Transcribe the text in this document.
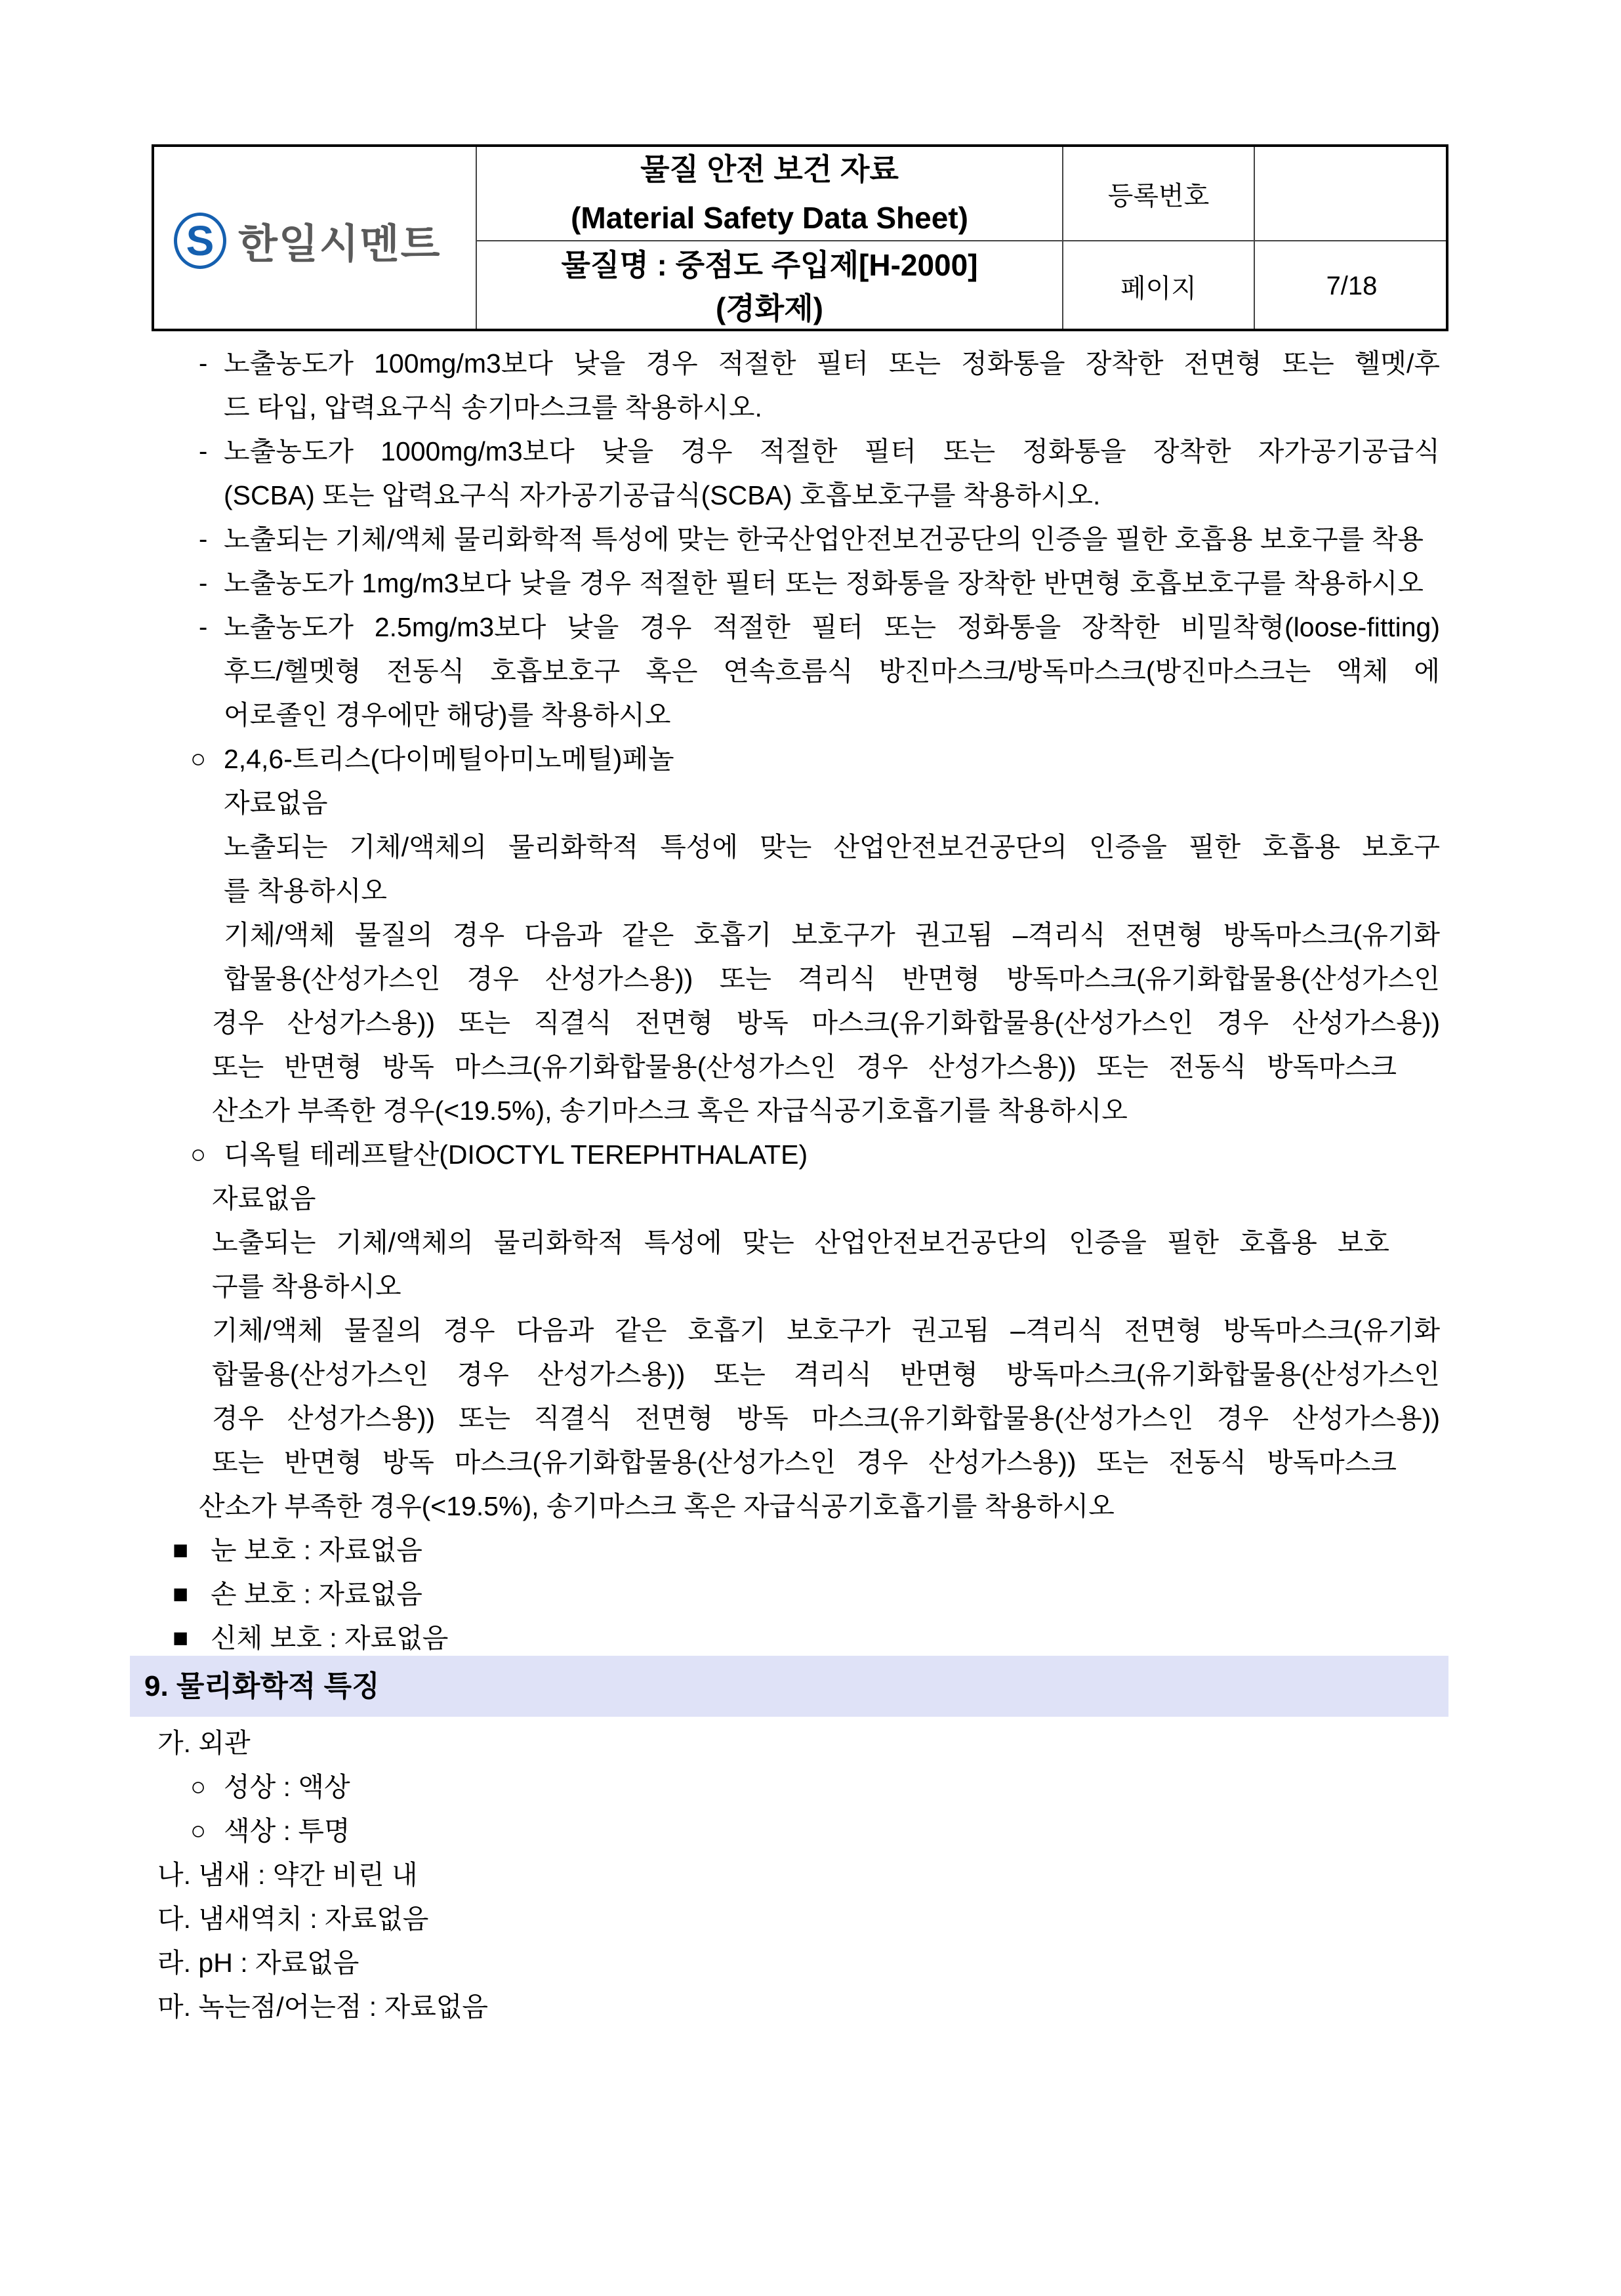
S 한일시멘트
물질 안전 보건 자료
(Material Safety Data Sheet)
물질명 : 중점도 주입제[H-2000]
(경화제)
등록번호
페이지	7/18
- 노출농도가 100mg/m3보다 낮을 경우 적절한 필터 또는 정화통을 장착한 전면형 또는 헬멧/후
드 타입, 압력요구식 송기마스크를 착용하시오.
- 노출농도가 1000mg/m3보다 낮을 경우 적절한 필터 또는 정화통을 장착한 자가공기공급식
(SCBA) 또는 압력요구식 자가공기공급식(SCBA) 호흡보호구를 착용하시오.
- 노출되는 기체/액체 물리화학적 특성에 맞는 한국산업안전보건공단의 인증을 필한 호흡용 보호구를 착용
- 노출농도가 1mg/m3보다 낮을 경우 적절한 필터 또는 정화통을 장착한 반면형 호흡보호구를 착용하시오
- 노출농도가 2.5mg/m3보다 낮을 경우 적절한 필터 또는 정화통을 장착한 비밀착형(loose-fitting)
후드/헬멧형 전동식 호흡보호구 혹은 연속흐름식 방진마스크/방독마스크(방진마스크는 액체 에
어로졸인 경우에만 해당)를 착용하시오
○ 2,4,6-트리스(다이메틸아미노메틸)페놀
자료없음
노출되는 기체/액체의 물리화학적 특성에 맞는 산업안전보건공단의 인증을 필한 호흡용 보호구
를 착용하시오
기체/액체 물질의 경우 다음과 같은 호흡기 보호구가 권고됨 –격리식 전면형 방독마스크(유기화
합물용(산성가스인 경우 산성가스용)) 또는 격리식 반면형 방독마스크(유기화합물용(산성가스인
경우 산성가스용)) 또는 직결식 전면형 방독 마스크(유기화합물용(산성가스인 경우 산성가스용))
또는 반면형 방독 마스크(유기화합물용(산성가스인 경우 산성가스용)) 또는 전동식 방독마스크
산소가 부족한 경우(<19.5%), 송기마스크 혹은 자급식공기호흡기를 착용하시오
○ 디옥틸 테레프탈산(DIOCTYL TEREPHTHALATE)
자료없음
노출되는 기체/액체의 물리화학적 특성에 맞는 산업안전보건공단의 인증을 필한 호흡용 보호
구를 착용하시오
기체/액체 물질의 경우 다음과 같은 호흡기 보호구가 권고됨 –격리식 전면형 방독마스크(유기화
합물용(산성가스인 경우 산성가스용)) 또는 격리식 반면형 방독마스크(유기화합물용(산성가스인
경우 산성가스용)) 또는 직결식 전면형 방독 마스크(유기화합물용(산성가스인 경우 산성가스용))
또는 반면형 방독 마스크(유기화합물용(산성가스인 경우 산성가스용)) 또는 전동식 방독마스크
산소가 부족한 경우(<19.5%), 송기마스크 혹은 자급식공기호흡기를 착용하시오
■ 눈 보호 : 자료없음
■ 손 보호 : 자료없음
■ 신체 보호 : 자료없음
9. 물리화학적 특징
가. 외관
○ 성상 : 액상
○ 색상 : 투명
나. 냄새 : 약간 비린 내
다. 냄새역치 : 자료없음
라. pH : 자료없음
마. 녹는점/어는점 : 자료없음
